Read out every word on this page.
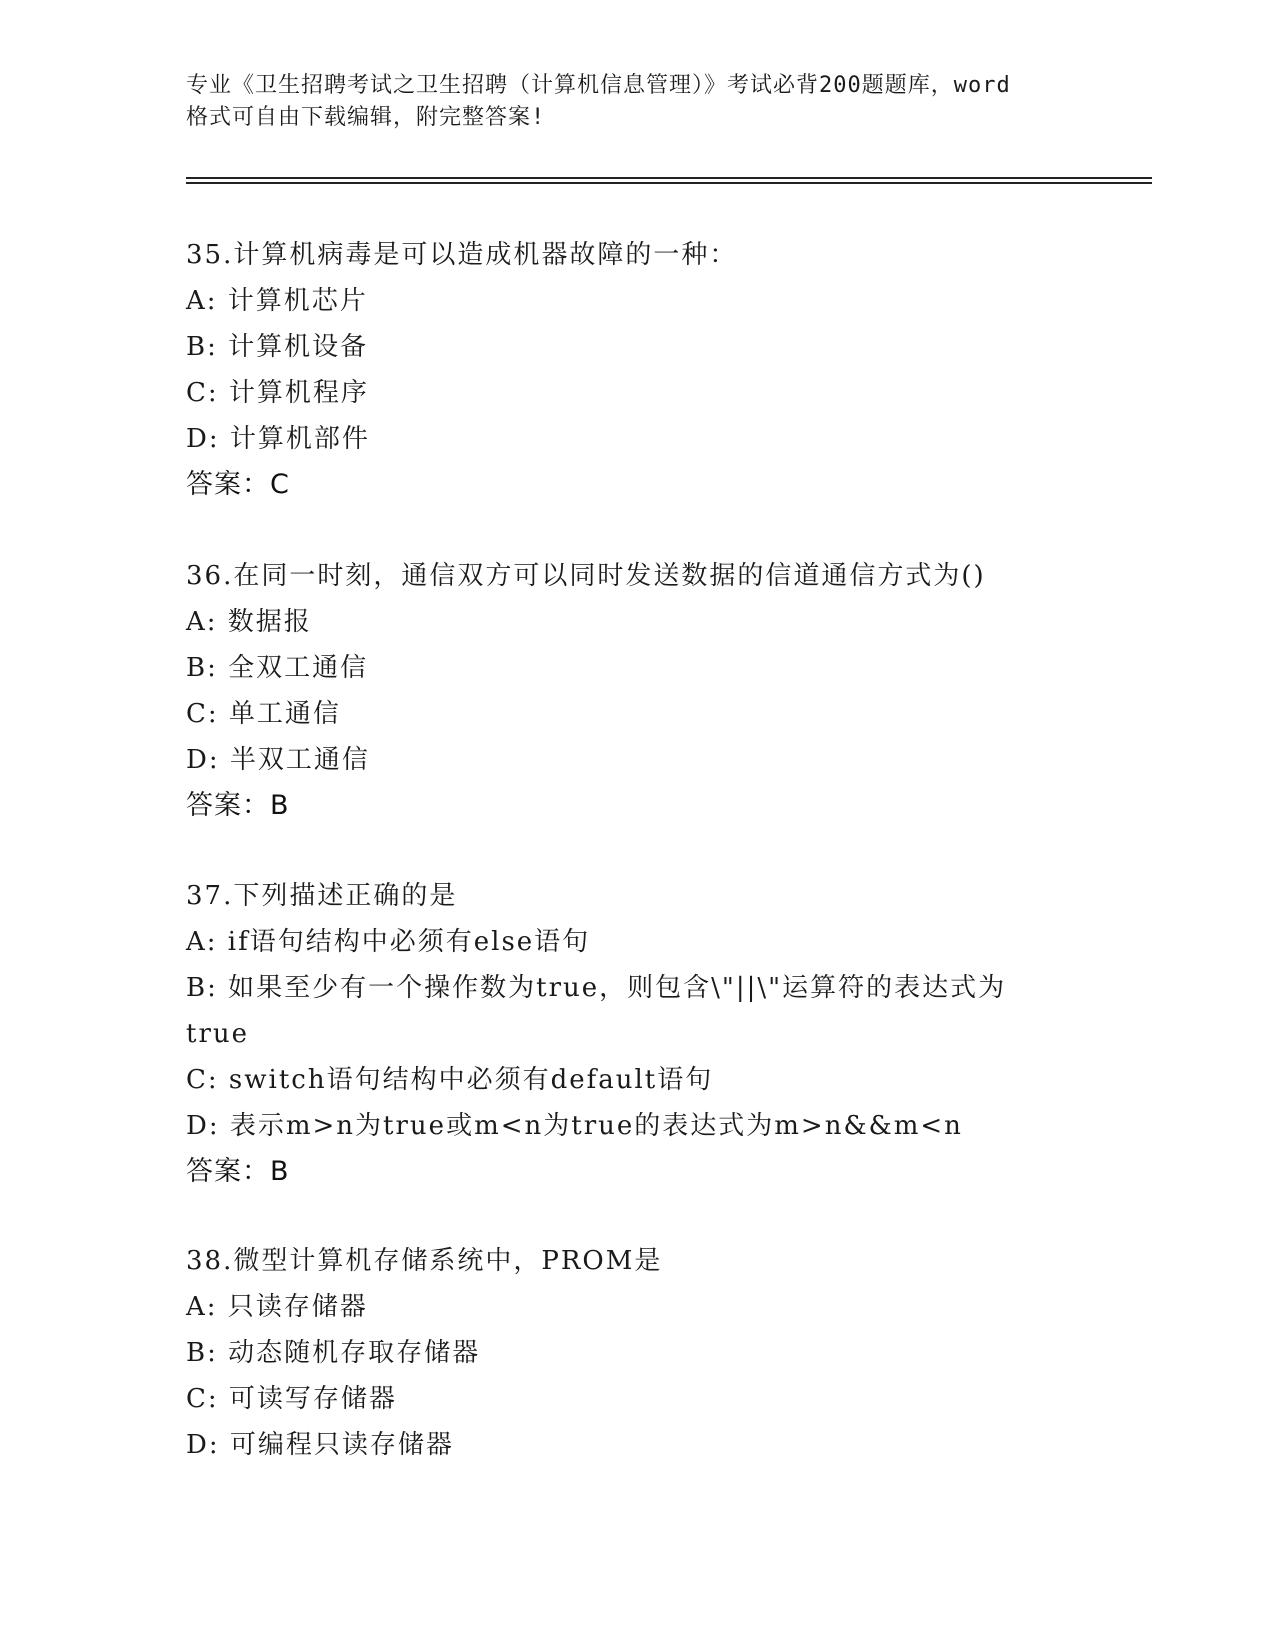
专业《卫生招聘考试之卫生招聘（计算机信息管理）》考试必背200题题库，word
格式可自由下载编辑，附完整答案!
35.计算机病毒是可以造成机器故障的一种：
A: 计算机芯片
B: 计算机设备
C: 计算机程序
D: 计算机部件
答案：C
36.在同一时刻，通信双方可以同时发送数据的信道通信方式为()
A: 数据报
B: 全双工通信
C: 单工通信
D: 半双工通信
答案：B
37.下列描述正确的是
A: if语句结构中必须有else语句
B: 如果至少有一个操作数为true，则包含\"||\"运算符的表达式为
true
C: switch语句结构中必须有default语句
D: 表示m>n为true或m<n为true的表达式为m>n&&m<n
答案：B
38.微型计算机存储系统中，PROM是
A: 只读存储器
B: 动态随机存取存储器
C: 可读写存储器
D: 可编程只读存储器
